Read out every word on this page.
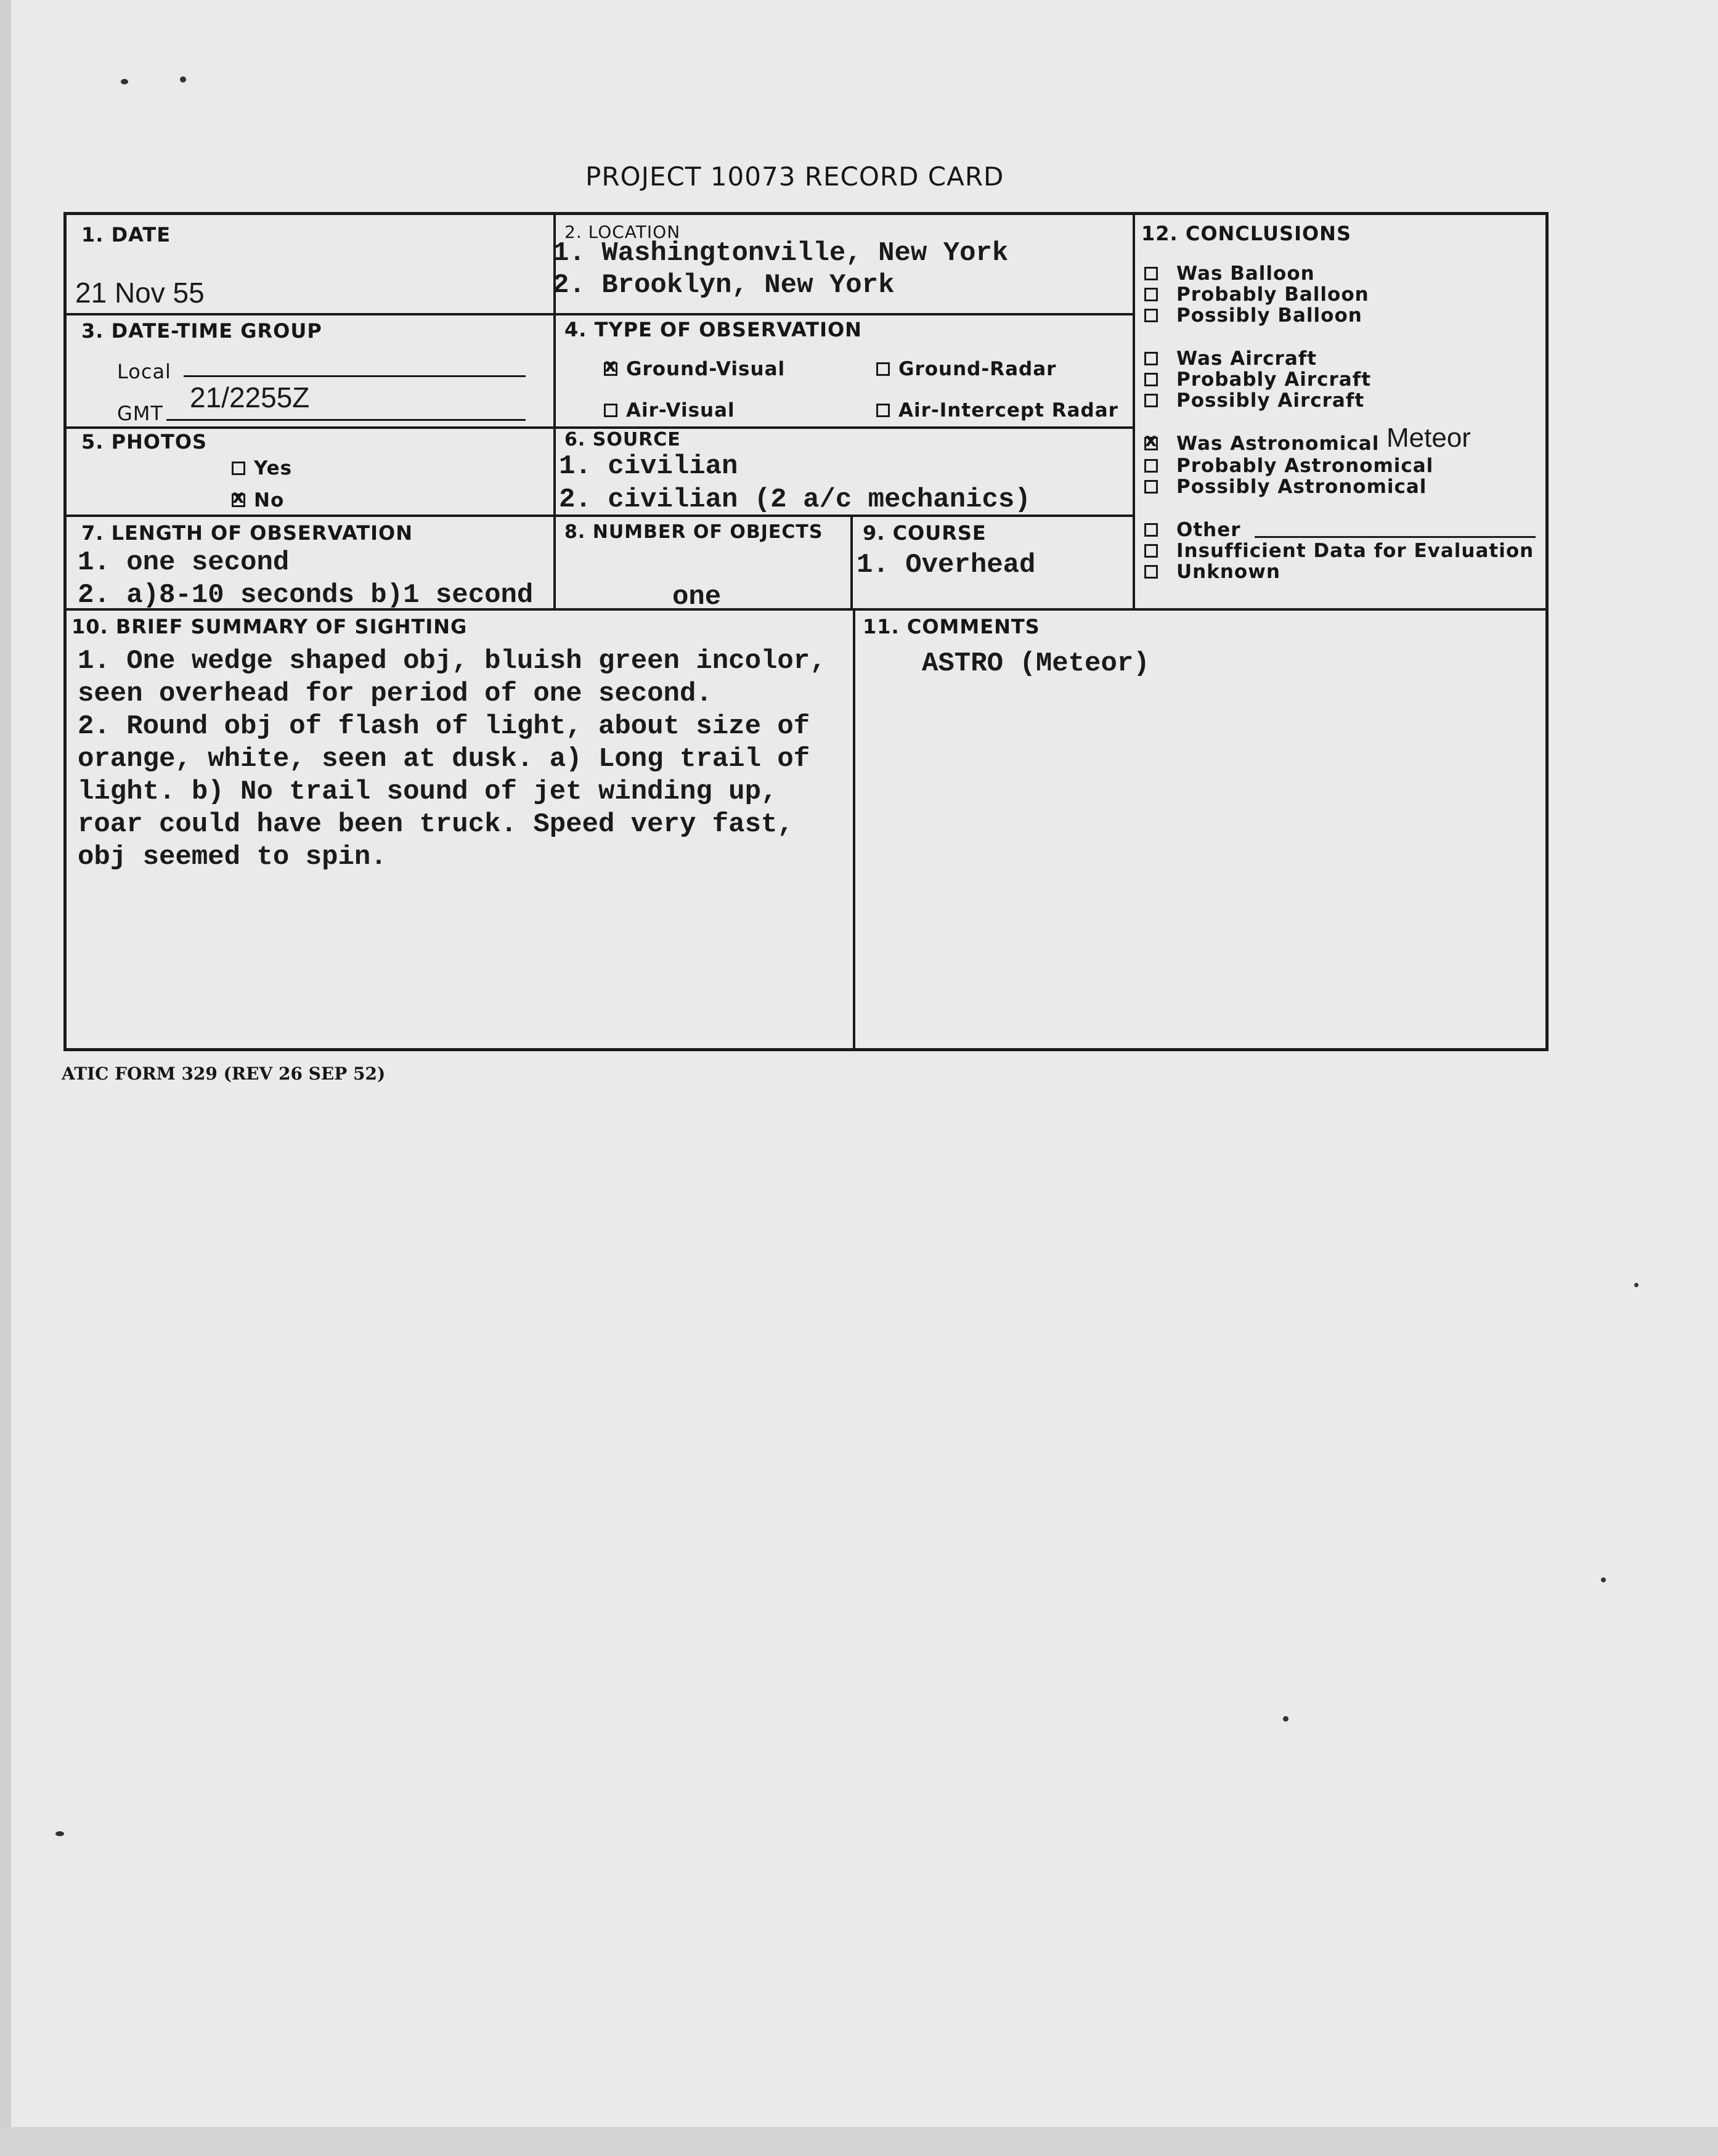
PROJECT 10073 RECORD CARD
1. DATE
21 Nov 55
2. LOCATION
1. Washingtonville, New York
2. Brooklyn, New York
3. DATE-TIME GROUP
Local
GMT 21/2255Z
4. TYPE OF OBSERVATION
xGround-Visual	Ground-Radar
Air-Visual	Air-Intercept Radar
5. PHOTOS
Yes
xNo
6. SOURCE
1. civilian
2. civilian (2 a/c mechanics)
7. LENGTH OF OBSERVATION
1. one second
2. a)8-10 seconds b)1 second
8. NUMBER OF OBJECTS
one
9. COURSE
1. Overhead
12. CONCLUSIONS
Was Balloon
Probably Balloon
Possibly Balloon
Was Aircraft
Probably Aircraft
Possibly Aircraft
xWas Astronomical Meteor
Probably Astronomical
Possibly Astronomical
Other
Insufficient Data for Evaluation
Unknown
10. BRIEF SUMMARY OF SIGHTING
1. One wedge shaped obj, bluish green incolor,
seen overhead for period of one second.
2. Round obj of flash of light, about size of
orange, white, seen at dusk. a) Long trail of
light. b) No trail sound of jet winding up,
roar could have been truck. Speed very fast,
obj seemed to spin.
11. COMMENTS
ASTRO (Meteor)
ATIC FORM 329 (REV 26 SEP 52)
